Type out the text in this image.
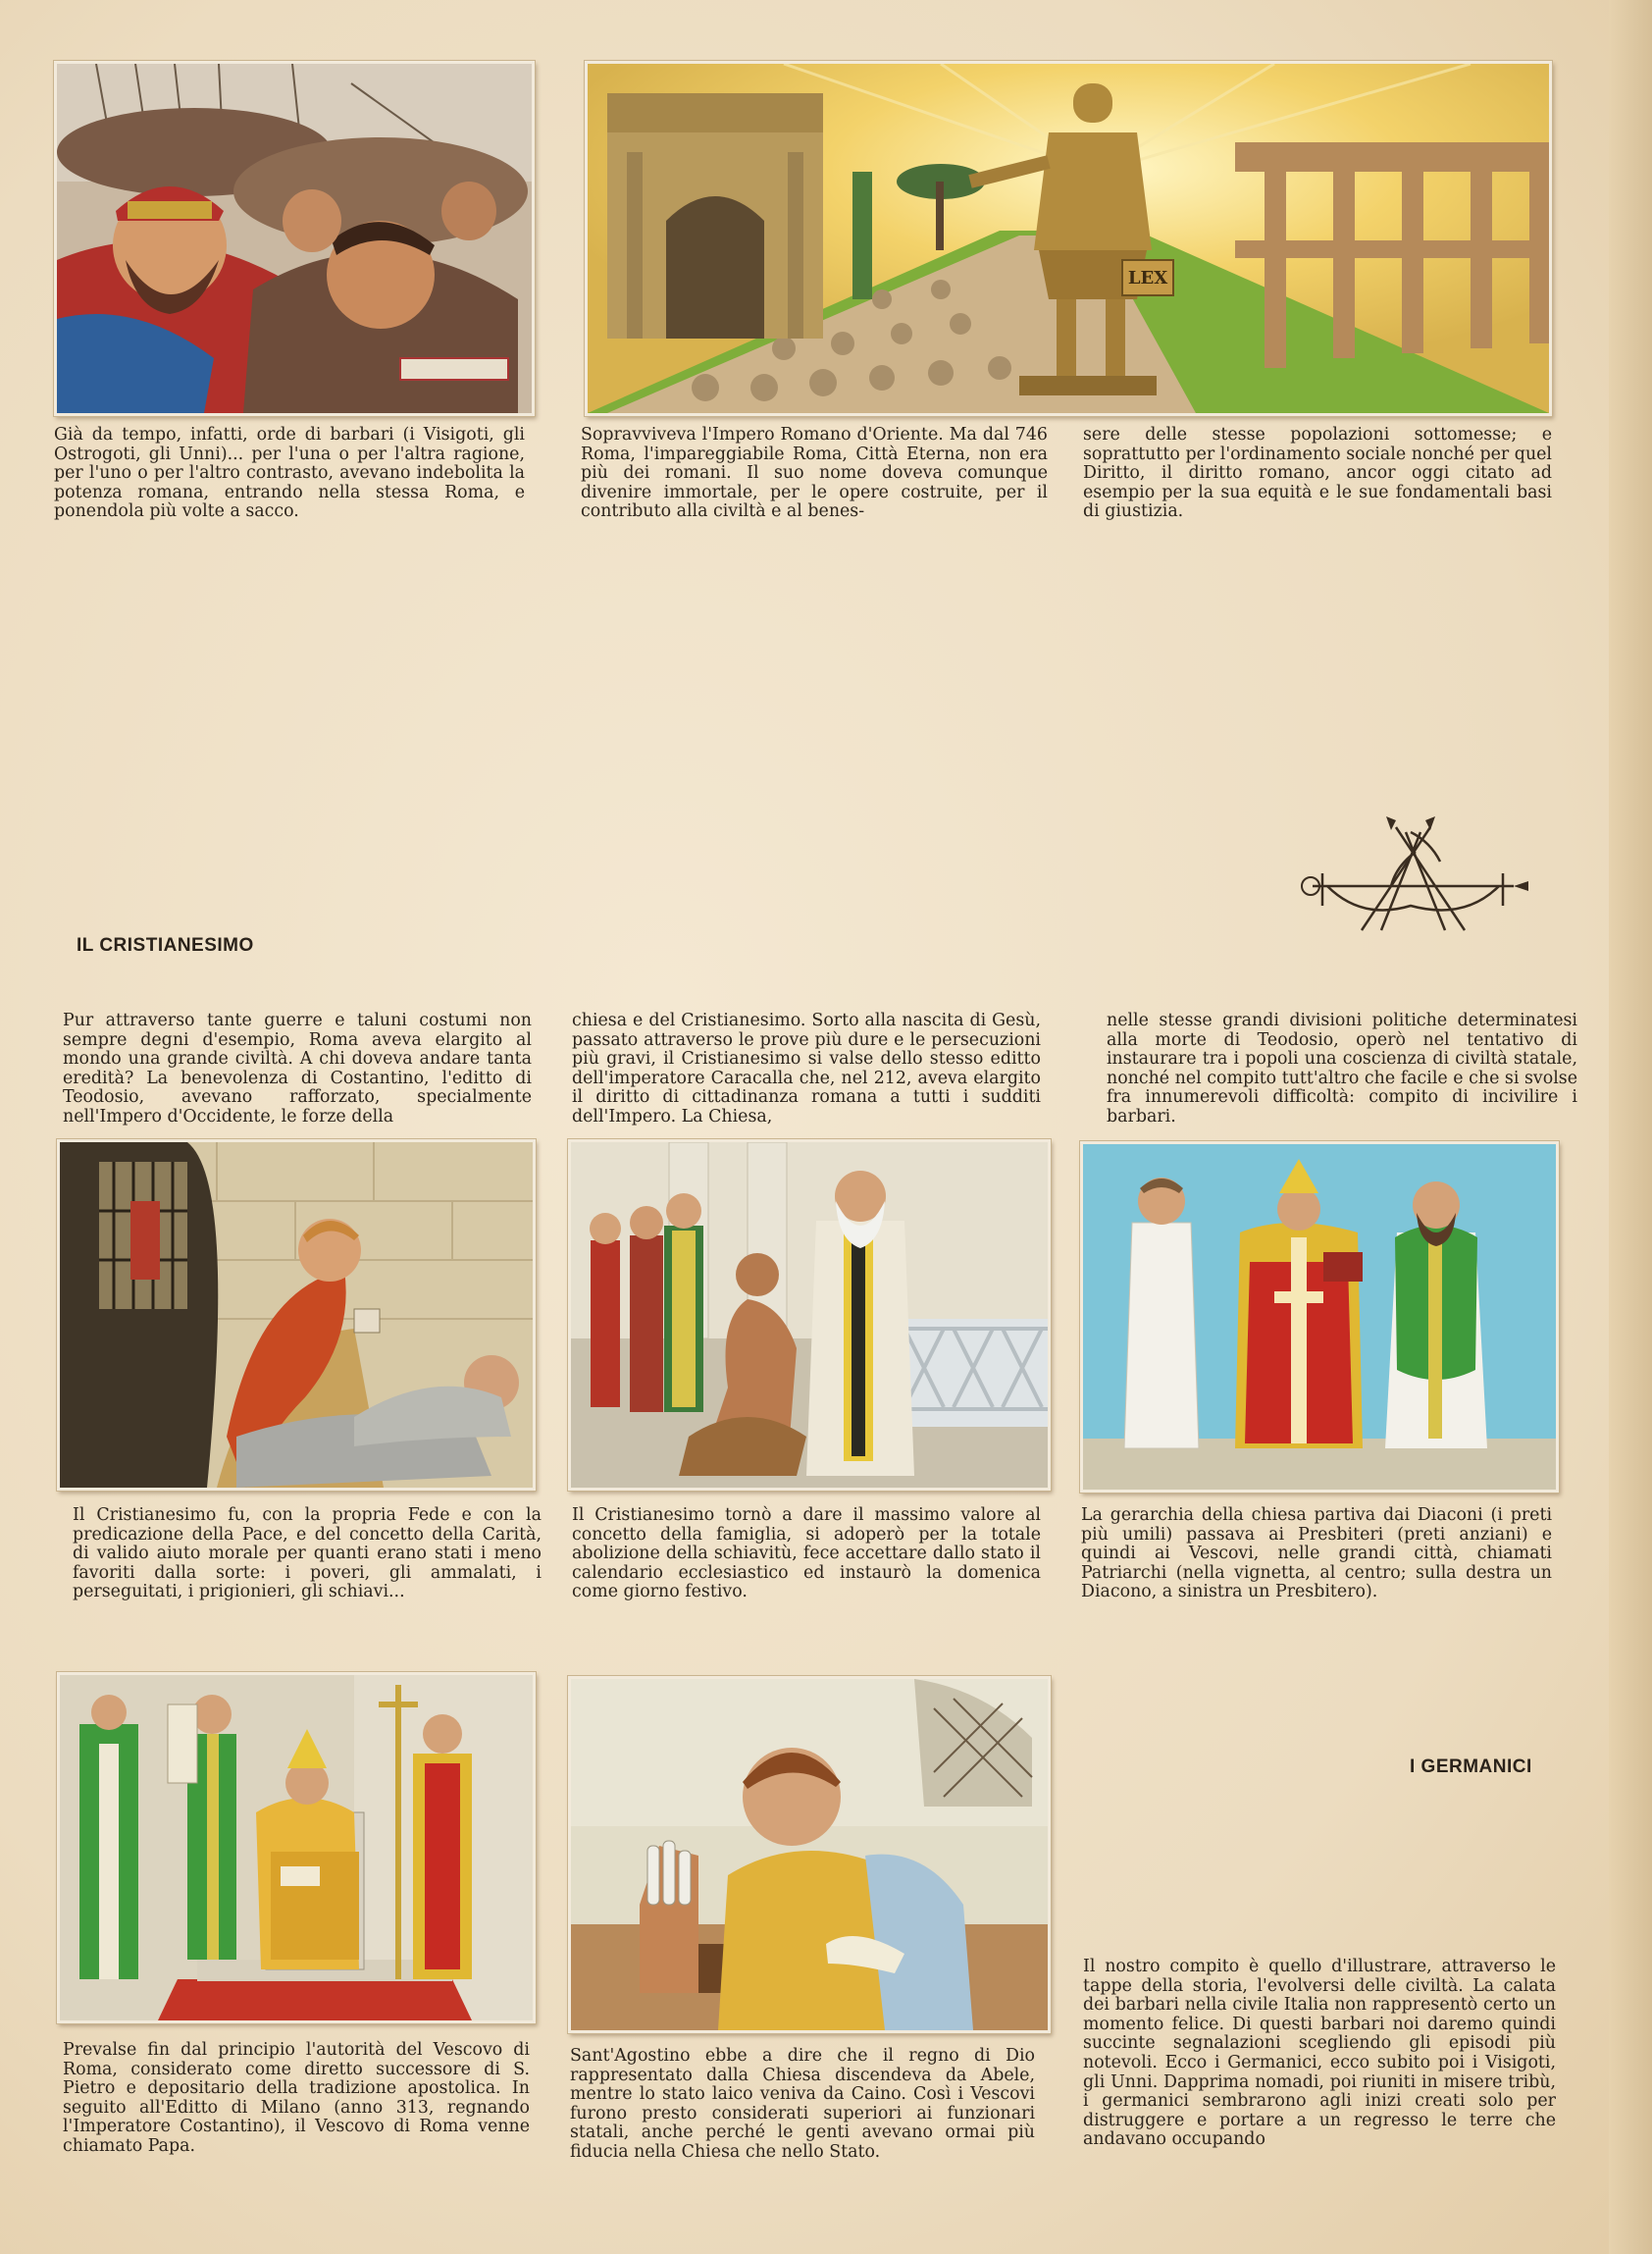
LEX

Già da tempo, infatti, orde di barbari (i Visigoti, gli Ostrogoti, gli Unni)... per l'una o per l'altra ragione, per l'uno o per l'altro contrasto, avevano indebolita la potenza romana, entrando nella stessa Roma, e ponendola più volte a sacco.

Sopravviveva l'Impero Romano d'Oriente. Ma dal 746 Roma, l'impareggiabile Roma, Città Eterna, non era più dei romani. Il suo nome doveva comunque divenire immortale, per le opere costruite, per il contributo alla civiltà e al benes-

sere delle stesse popolazioni sottomesse; e soprattutto per l'ordinamento sociale nonché per quel Diritto, il diritto romano, ancor oggi citato ad esempio per la sua equità e le sue fondamentali basi di giustizia.

IL CRISTIANESIMO

Pur attraverso tante guerre e taluni costumi non sempre degni d'esempio, Roma aveva elargito al mondo una grande civiltà. A chi doveva andare tanta eredità? La benevolenza di Costantino, l'editto di Teodosio, avevano rafforzato, specialmente nell'Impero d'Occidente, le forze della

chiesa e del Cristianesimo. Sorto alla nascita di Gesù, passato attraverso le prove più dure e le persecuzioni più gravi, il Cristianesimo si valse dello stesso editto dell'imperatore Caracalla che, nel 212, aveva elargito il diritto di cittadinanza romana a tutti i sudditi dell'Impero. La Chiesa,

nelle stesse grandi divisioni politiche determinatesi alla morte di Teodosio, operò nel tentativo di instaurare tra i popoli una coscienza di civiltà statale, nonché nel compito tutt'altro che facile e che si svolse fra innumerevoli difficoltà: compito di incivilire i barbari.

Il Cristianesimo fu, con la propria Fede e con la predicazione della Pace, e del concetto della Carità, di valido aiuto morale per quanti erano stati i meno favoriti dalla sorte: i poveri, gli ammalati, i perseguitati, i prigionieri, gli schiavi...

Il Cristianesimo tornò a dare il massimo valore al concetto della famiglia, si adoperò per la totale abolizione della schiavitù, fece accettare dallo stato il calendario ecclesiastico ed instaurò la domenica come giorno festivo.

La gerarchia della chiesa partiva dai Diaconi (i preti più umili) passava ai Presbiteri (preti anziani) e quindi ai Vescovi, nelle grandi città, chiamati Patriarchi (nella vignetta, al centro; sulla destra un Diacono, a sinistra un Presbitero).

I GERMANICI

Prevalse fin dal principio l'autorità del Vescovo di Roma, considerato come diretto successore di S. Pietro e depositario della tradizione apostolica. In seguito all'Editto di Milano (anno 313, regnando l'Imperatore Costantino), il Vescovo di Roma venne chiamato Papa.

Sant'Agostino ebbe a dire che il regno di Dio rappresentato dalla Chiesa discendeva da Abele, mentre lo stato laico veniva da Caino. Così i Vescovi furono presto considerati superiori ai funzionari statali, anche perché le genti avevano ormai più fiducia nella Chiesa che nello Stato.

Il nostro compito è quello d'illustrare, attraverso le tappe della storia, l'evolversi delle civiltà. La calata dei barbari nella civile Italia non rappresentò certo un momento felice. Di questi barbari noi daremo quindi succinte segnalazioni scegliendo gli episodi più notevoli. Ecco i Germanici, ecco subito poi i Visigoti, gli Unni. Dapprima nomadi, poi riuniti in misere tribù, i germanici sembrarono agli inizi creati solo per distruggere e portare a un regresso le terre che andavano occupando
